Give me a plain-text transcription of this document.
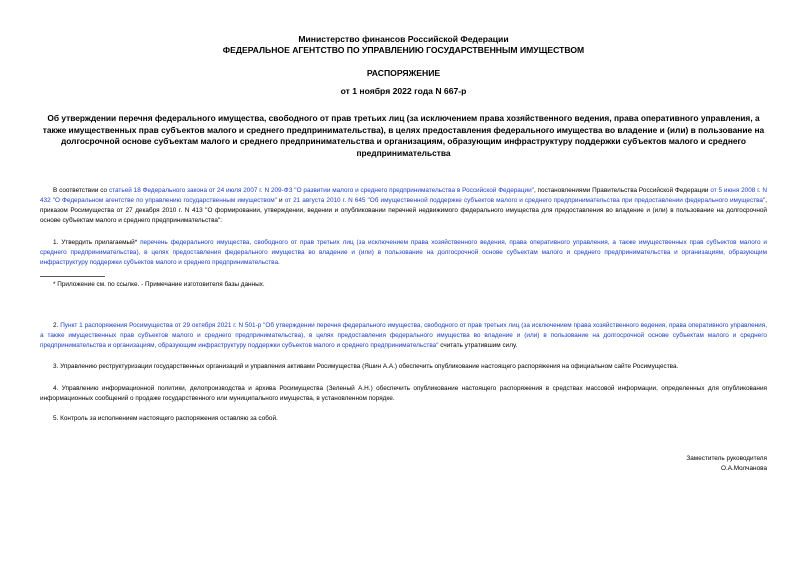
Министерство финансов Российской Федерации
ФЕДЕРАЛЬНОЕ АГЕНТСТВО ПО УПРАВЛЕНИЮ ГОСУДАРСТВЕННЫМ ИМУЩЕСТВОМ
РАСПОРЯЖЕНИЕ
от 1 ноября 2022 года N 667-р
Об утверждении перечня федерального имущества, свободного от прав третьих лиц (за исключением права хозяйственного ведения, права оперативного управления, а также имущественных прав субъектов малого и среднего предпринимательства), в целях предоставления федерального имущества во владение и (или) в пользование на долгосрочной основе субъектам малого и среднего предпринимательства и организациям, образующим инфраструктуру поддержки субъектов малого и среднего предпринимательства
В соответствии со статьей 18 Федерального закона от 24 июля 2007 г. N 209-ФЗ "О развитии малого и среднего предпринимательства в Российской Федерации", постановлениями Правительства Российской Федерации от 5 июня 2008 г. N 432 "О Федеральном агентстве по управлению государственным имуществом" и от 21 августа 2010 г. N 645 "Об имущественной поддержке субъектов малого и среднего предпринимательства при предоставлении федерального имущества", приказом Росимущества от 27 декабря 2010 г. N 413 "О формировании, утверждении, ведении и опубликовании перечней недвижимого федерального имущества для предоставления во владение и (или) в пользование на долгосрочной основе субъектам малого и среднего предпринимательства":
1. Утвердить прилагаемый* перечень федерального имущества, свободного от прав третьих лиц (за исключением права хозяйственного ведения, права оперативного управления, а также имущественных прав субъектов малого и среднего предпринимательства), в целях предоставления федерального имущества во владение и (или) в пользование на долгосрочной основе субъектам малого и среднего предпринимательства и организациям, образующим инфраструктуру поддержки субъектов малого и среднего предпринимательства.
* Приложение см. по ссылке. - Примечание изготовителя базы данных.
2. Пункт 1 распоряжения Росимущества от 29 октября 2021 г. N 501-р "Об утверждении перечня федерального имущества, свободного от прав третьих лиц (за исключением права хозяйственного ведения, права оперативного управления, а также имущественных прав субъектов малого и среднего предпринимательства), в целях предоставления федерального имущества во владение и (или) в пользование на долгосрочной основе субъектам малого и среднего предпринимательства и организациям, образующим инфраструктуру поддержки субъектов малого и среднего предпринимательства" считать утратившим силу.
3. Управлению реструктуризации государственных организаций и управления активами Росимущества (Яшин А.А.) обеспечить опубликование настоящего распоряжения на официальном сайте Росимущества.
4. Управлению информационной политики, делопроизводства и архива Росимущества (Зеленый А.Н.) обеспечить опубликование настоящего распоряжения в средствах массовой информации, определенных для опубликования информационных сообщений о продаже государственного или муниципального имущества, в установленном порядке.
5. Контроль за исполнением настоящего распоряжения оставляю за собой.
Заместитель руководителя
О.А.Молчанова
